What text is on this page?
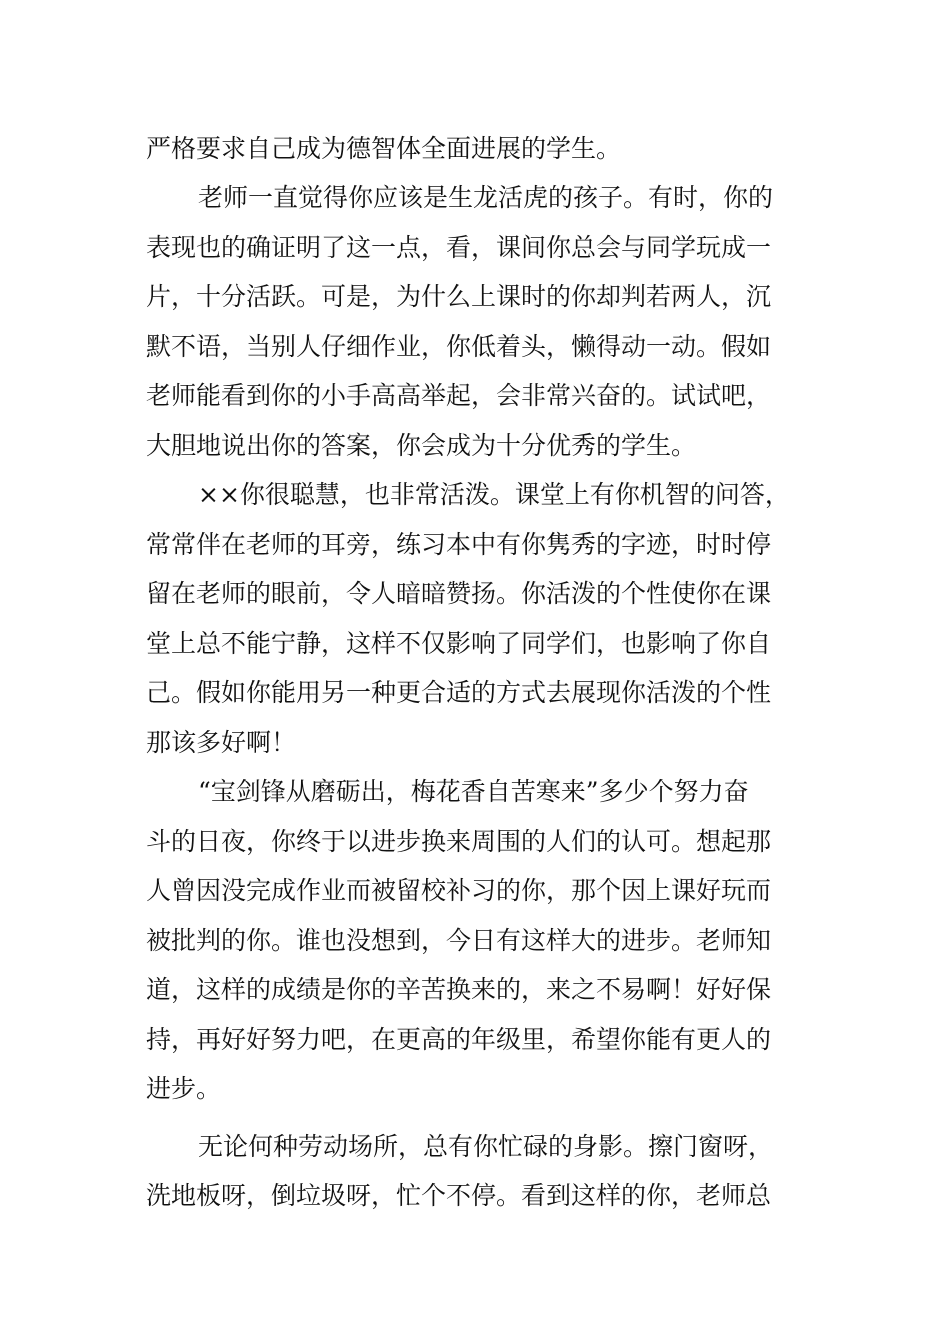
严格要求自己成为德智体全面进展的学生。
老师一直觉得你应该是生龙活虎的孩子。有时，你的
表现也的确证明了这一点，看，课间你总会与同学玩成一
片，十分活跃。可是，为什么上课时的你却判若两人，沉
默不语，当别人仔细作业，你低着头，懒得动一动。假如
老师能看到你的小手高高举起，会非常兴奋的。试试吧，
大胆地说出你的答案，你会成为十分优秀的学生。
××你很聪慧，也非常活泼。课堂上有你机智的问答，
常常伴在老师的耳旁，练习本中有你隽秀的字迹，时时停
留在老师的眼前，令人暗暗赞扬。你活泼的个性使你在课
堂上总不能宁静，这样不仅影响了同学们，也影响了你自
己。假如你能用另一种更合适的方式去展现你活泼的个性
那该多好啊！
“宝剑锋从磨砺出，梅花香自苦寒来”多少个努力奋
斗的日夜，你终于以进步换来周围的人们的认可。想起那
人曾因没完成作业而被留校补习的你，那个因上课好玩而
被批判的你。谁也没想到，今日有这样大的进步。老师知
道，这样的成绩是你的辛苦换来的，来之不易啊！好好保
持，再好好努力吧，在更高的年级里，希望你能有更人的
进步。
无论何种劳动场所，总有你忙碌的身影。擦门窗呀，
洗地板呀，倒垃圾呀，忙个不停。看到这样的你，老师总
